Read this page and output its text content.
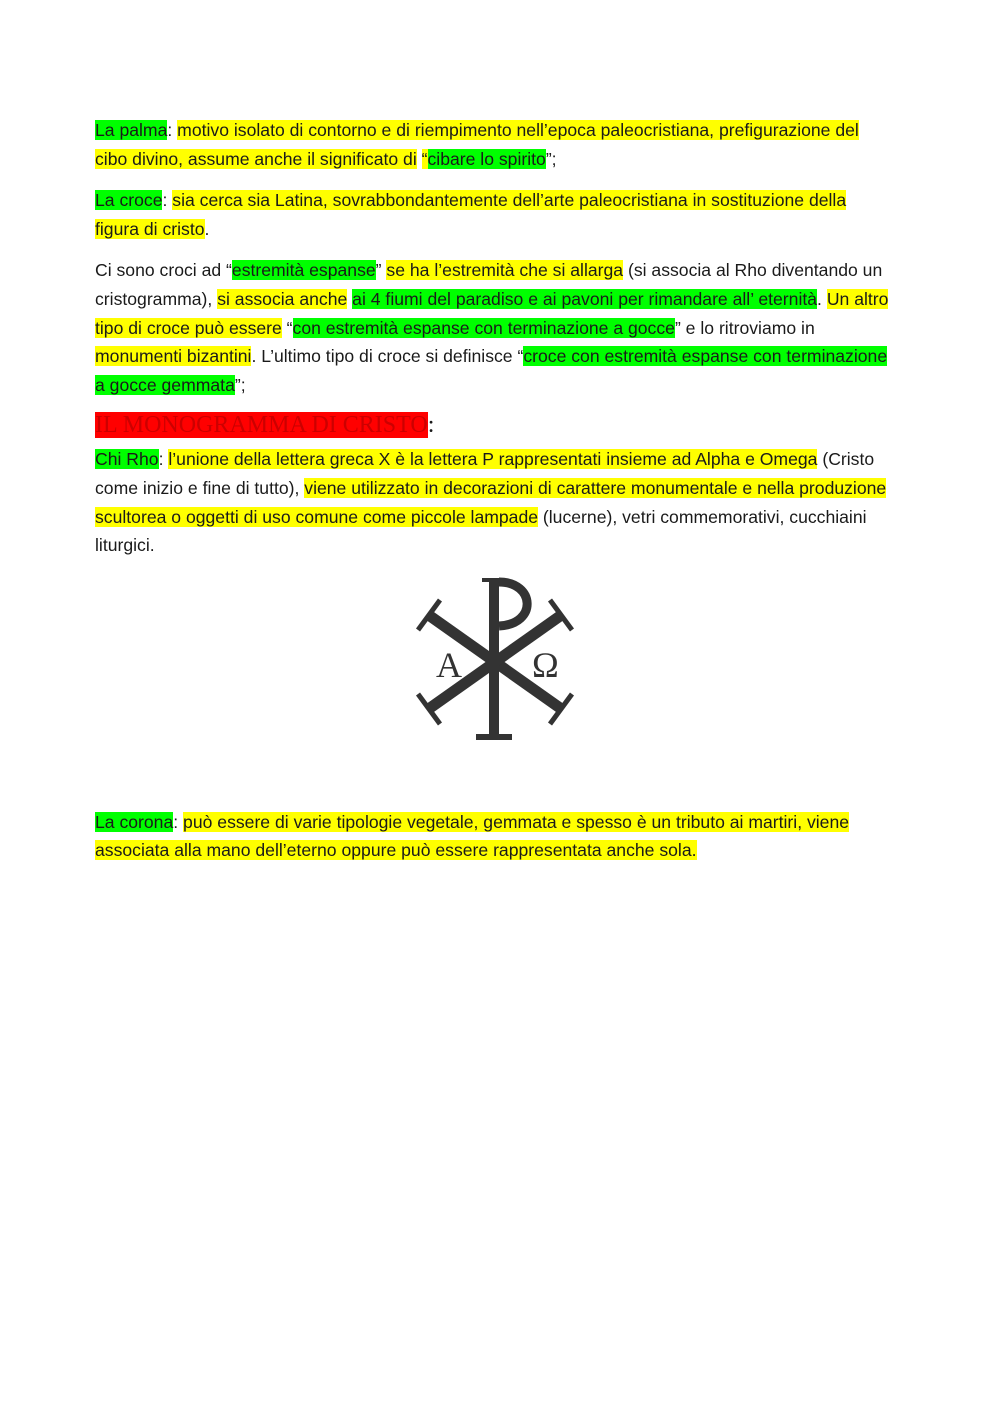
La palma: motivo isolato di contorno e di riempimento nell’epoca paleocristiana, prefigurazione del cibo divino, assume anche il significato di “cibare lo spirito”;

La croce: sia cerca sia Latina, sovrabbondantemente dell’arte paleocristiana in sostituzione della figura di cristo.

Ci sono croci ad “estremità espanse” se ha l’estremità che si allarga (si associa al Rho diventando un cristogramma), si associa anche ai 4 fiumi del paradiso e ai pavoni per rimandare all’ eternità. Un altro tipo di croce può essere “con estremità espanse con terminazione a gocce” e lo ritroviamo in monumenti bizantini. L’ultimo tipo di croce si definisce “croce con estremità espanse con terminazione a gocce gemmata”;

IL MONOGRAMMA DI CRISTO:

Chi Rho: l’unione della lettera greca X è la lettera P rappresentati insieme ad Alpha e Omega (Cristo come inizio e fine di tutto), viene utilizzato in decorazioni di carattere monumentale e nella produzione scultorea o oggetti di uso comune come piccole lampade (lucerne), vetri commemorativi, cucchiaini liturgici.

A Ω

La corona: può essere di varie tipologie vegetale, gemmata e spesso è un tributo ai martiri, viene associata alla mano dell’eterno oppure può essere rappresentata anche sola.
